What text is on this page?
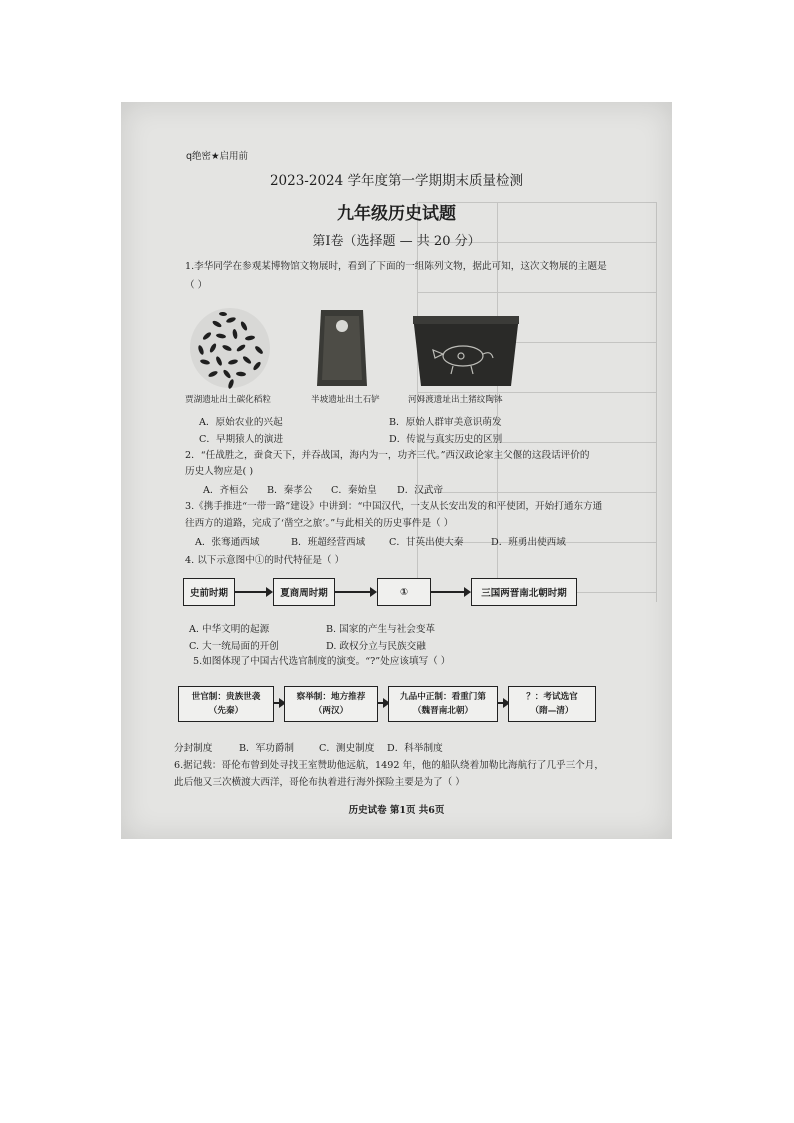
q绝密★启用前
2023-2024 学年度第一学期期末质量检测
九年级历史试题
第Ⅰ卷（选择题 — 共 20 分）
1.李华同学在参观某博物馆文物展时，看到了下面的一组陈列文物，据此可知，这次文物展的主题是
（ ）
贾湖遗址出土碳化稻粒	半坡遗址出土石铲	河姆渡遗址出土猪纹陶钵
A．原始农业的兴起	B．原始人群审美意识萌发
C．早期猿人的演进	D．传说与真实历史的区别
2．“任战胜之，蚕食天下，并吞战国，海内为一，功齐三代。”西汉政论家主父偃的这段话评价的
历史人物应是( )
A．齐桓公 B．秦孝公 C．秦始皇 D．汉武帝
3.《携手推进“一带一路”建设》中讲到：“中国汉代，一支从长安出发的和平使团，开始打通东方通
往西方的道路，完成了‘凿空之旅’。”与此相关的历史事件是（ ）
A．张骞通西域	B．班超经营西域 C．甘英出使大秦	D．班勇出使西域
4. 以下示意图中①的时代特征是（ ）
史前时期	夏商周时期	①	三国两晋南北朝时期
A. 中华文明的起源	B. 国家的产生与社会变革
C. 大一统局面的开创	D. 政权分立与民族交融
5.如图体现了中国古代选官制度的演变。“?”处应该填写（ ）
世官制：贵族世袭
（先秦）
察举制：地方推荐
（两汉）
九品中正制：看重门第
（魏晋南北朝）
？：考试选官
（隋—清）
分封制度	B．军功爵制	C．测史制度 D．科举制度
6.据记载：哥伦布曾到处寻找王室赞助他远航，1492 年，他的船队绕着加勒比海航行了几乎三个月，
此后他又三次横渡大西洋，哥伦布执着进行海外探险主要是为了（ ）
历史试卷 第1页 共6页
